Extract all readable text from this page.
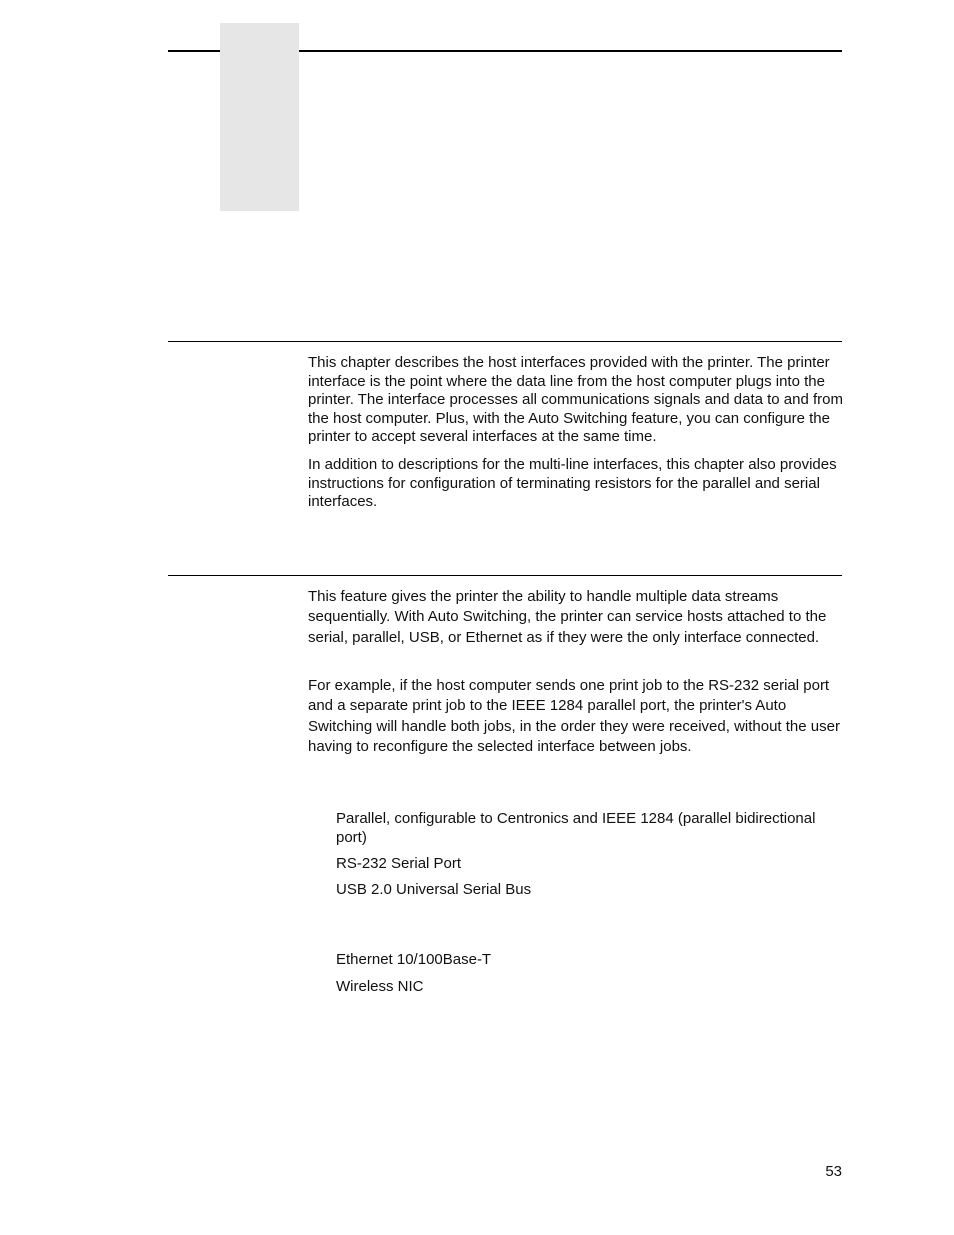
This chapter describes the host interfaces provided with the printer. The printer interface is the point where the data line from the host computer plugs into the printer. The interface processes all communications signals and data to and from the host computer. Plus, with the Auto Switching feature, you can configure the printer to accept several interfaces at the same time.

In addition to descriptions for the multi-line interfaces, this chapter also provides instructions for configuration of terminating resistors for the parallel and serial interfaces.

This feature gives the printer the ability to handle multiple data streams sequentially. With Auto Switching, the printer can service hosts attached to the serial, parallel, USB, or Ethernet as if they were the only interface connected.

For example, if the host computer sends one print job to the RS-232 serial port and a separate print job to the IEEE 1284 parallel port, the printer's Auto Switching will handle both jobs, in the order they were received, without the user having to reconfigure the selected interface between jobs.

Parallel, configurable to Centronics and IEEE 1284 (parallel bidirectional port)

RS-232 Serial Port

USB 2.0 Universal Serial Bus

Ethernet 10/100Base-T

Wireless NIC

53
